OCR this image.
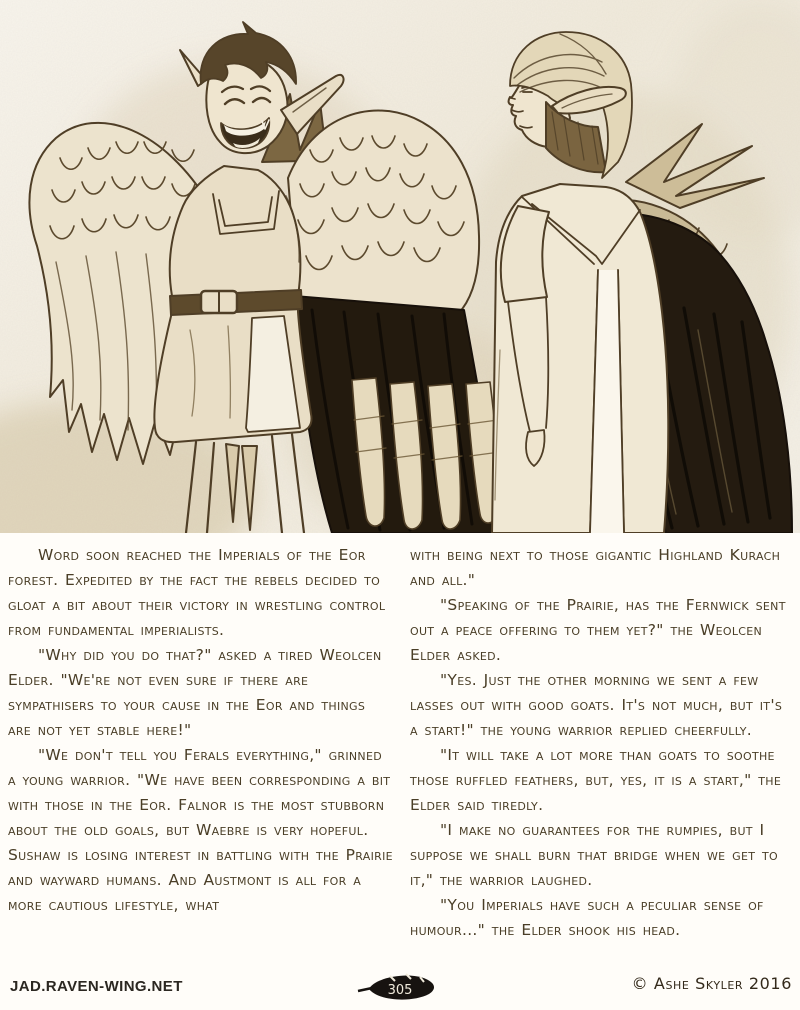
Word soon reached the Imperials of the Eor forest. Expedited by the fact the rebels decided to gloat a bit about their victory in wrestling control from fundamental imperialists.

"Why did you do that?" asked a tired Weolcen Elder. "We're not even sure if there are sympathisers to your cause in the Eor and things are not yet stable here!"

"We don't tell you Ferals everything," grinned a young warrior. "We have been corresponding a bit with those in the Eor. Falnor is the most stubborn about the old goals, but Waebre is very hopeful. Sushaw is losing interest in battling with the Prairie and wayward humans. And Austmont is all for a more cautious lifestyle, what

with being next to those gigantic Highland Kurach and all."

"Speaking of the Prairie, has the Fernwick sent out a peace offering to them yet?" the Weolcen Elder asked.

"Yes. Just the other morning we sent a few lasses out with good goats. It's not much, but it's a start!" the young warrior replied cheerfully.

"It will take a lot more than goats to soothe those ruffled feathers, but, yes, it is a start," the Elder said tiredly.

"I make no guarantees for the rumpies, but I suppose we shall burn that bridge when we get to it," the warrior laughed.

"You Imperials have such a peculiar sense of humour..." the Elder shook his head.

JAD.RAVEN-WING.NET	305	© Ashe Skyler 2016
